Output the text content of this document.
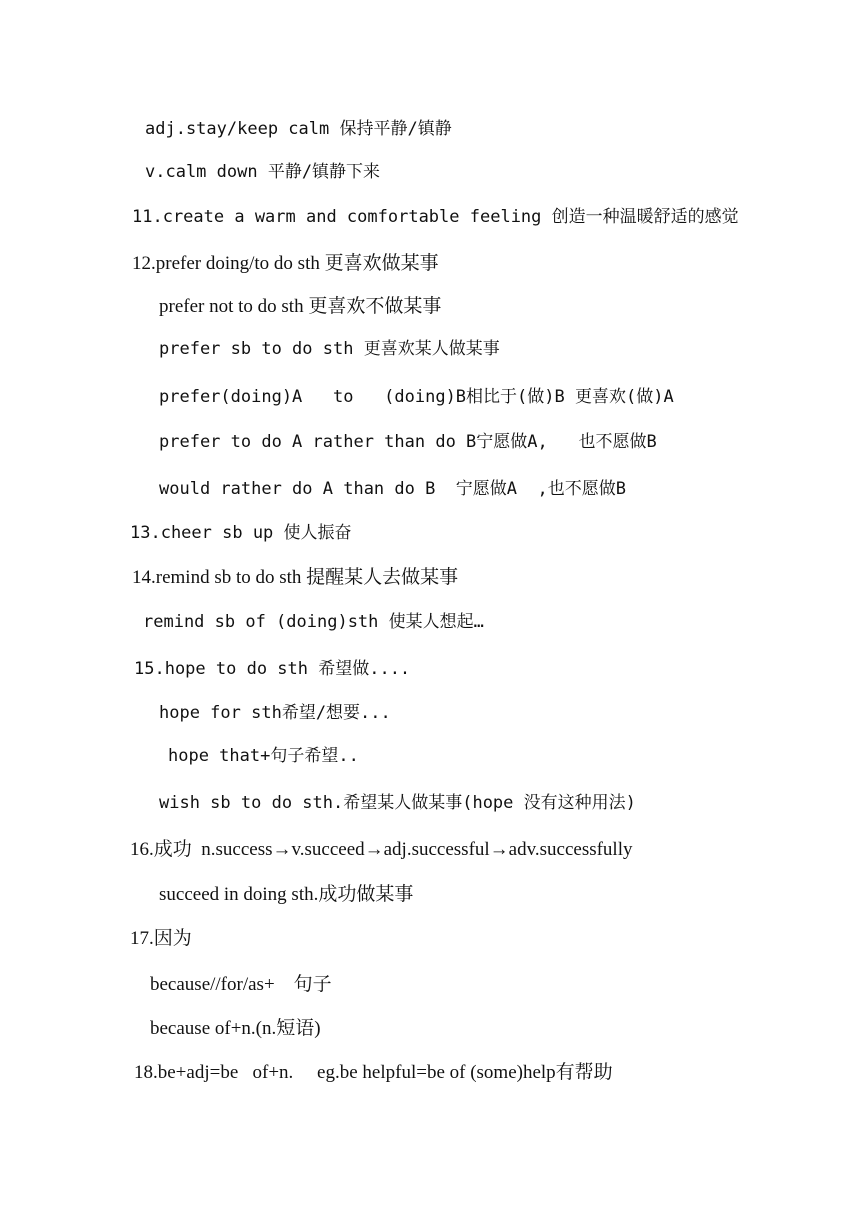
adj.stay/keep calm 保持平静/镇静
v.calm down 平静/镇静下来
11.create a warm and comfortable feeling 创造一种温暖舒适的感觉
12.prefer doing/to do sth 更喜欢做某事
prefer not to do sth 更喜欢不做某事
prefer sb to do sth 更喜欢某人做某事
prefer(doing)A   to   (doing)B相比于(做)B 更喜欢(做)A
prefer to do A rather than do B宁愿做A,   也不愿做B
would rather do A than do B  宁愿做A  ,也不愿做B
13.cheer sb up 使人振奋
14.remind sb to do sth 提醒某人去做某事
remind sb of (doing)sth 使某人想起…
15.hope to do sth 希望做....
hope for sth希望/想要...
hope that+句子希望..
wish sb to do sth.希望某人做某事(hope 没有这种用法)
16.成功  n.success→v.succeed→adj.successful→adv.successfully
succeed in doing sth.成功做某事
17.因为
because//for/as+    句子
because of+n.(n.短语)
18.be+adj=be   of+n.     eg.be helpful=be of (some)help有帮助
